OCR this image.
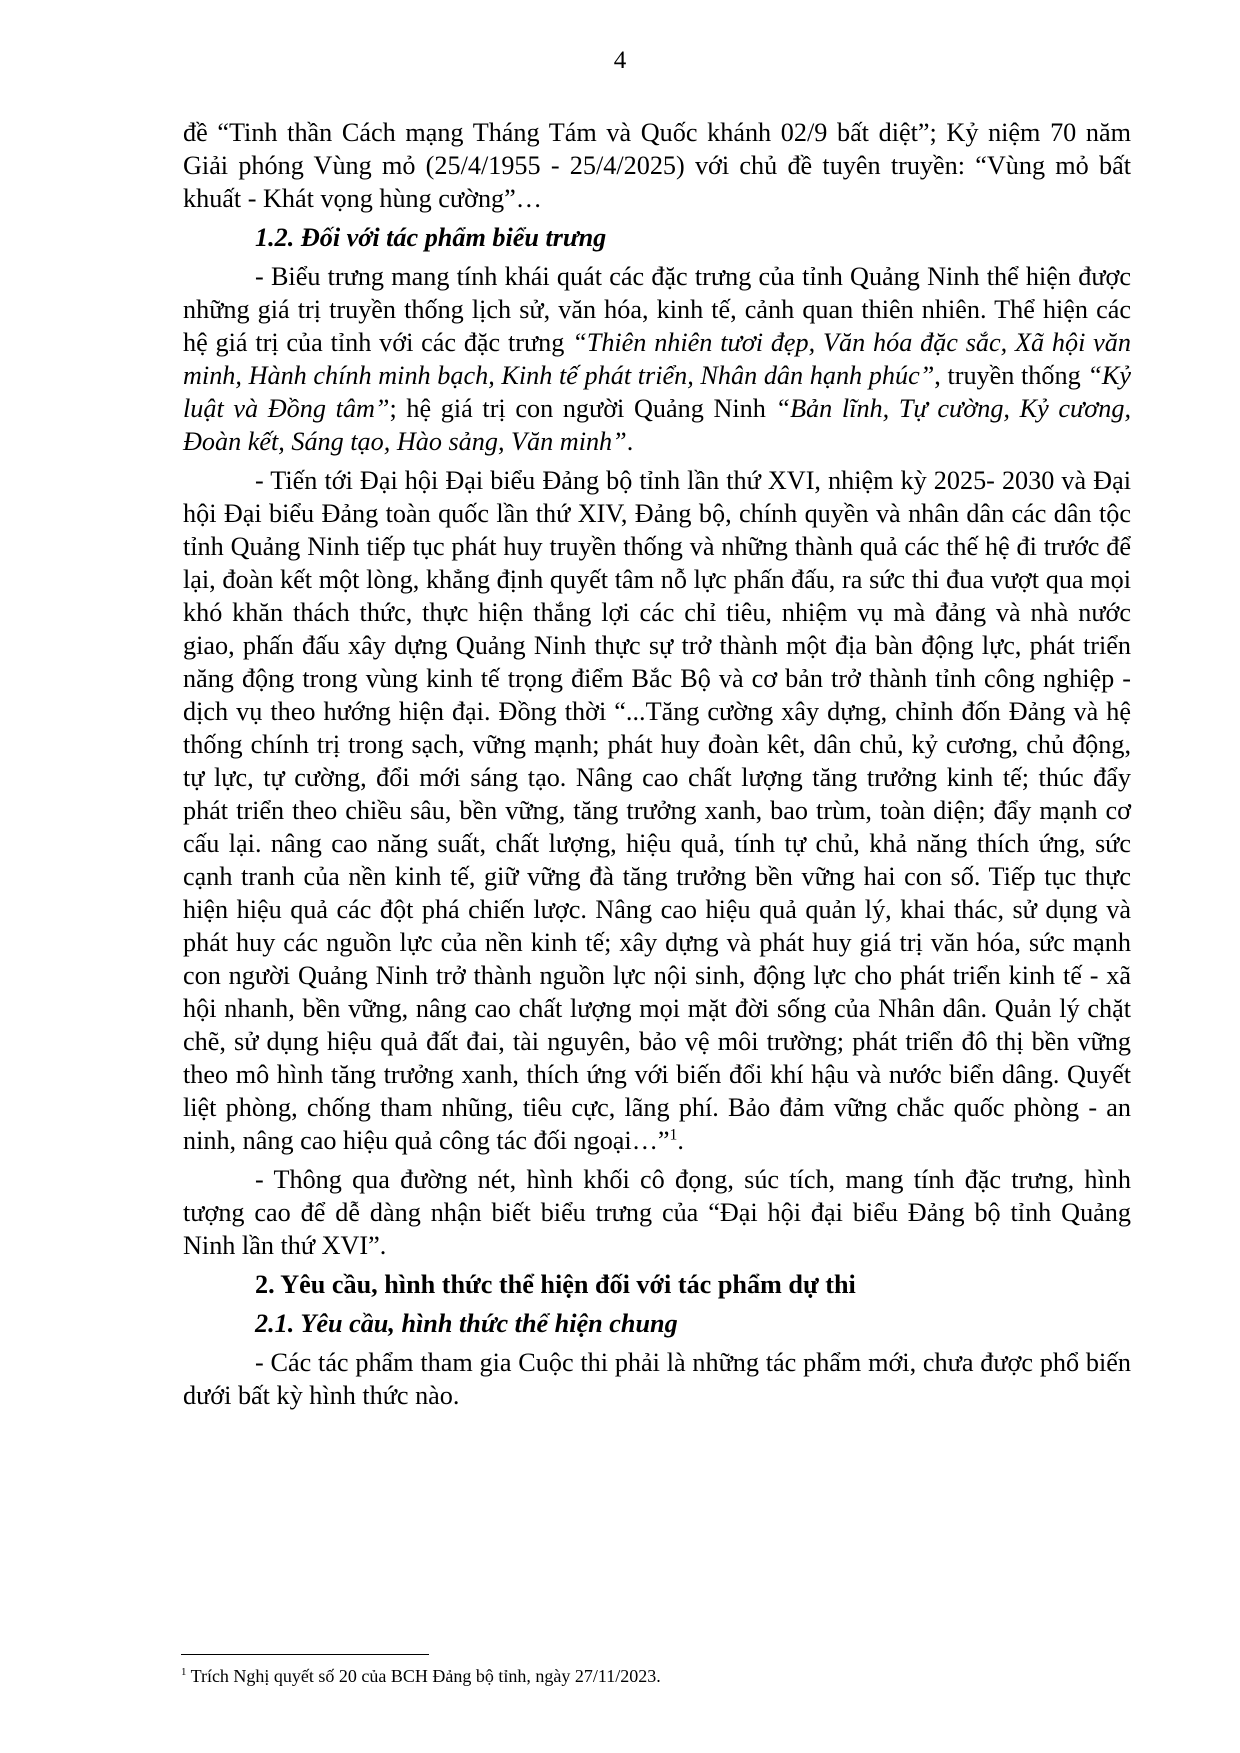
4

đề “Tinh thần Cách mạng Tháng Tám và Quốc khánh 02/9 bất diệt”; Kỷ niệm 70 năm Giải phóng Vùng mỏ (25/4/1955 - 25/4/2025) với chủ đề tuyên truyền: “Vùng mỏ bất khuất - Khát vọng hùng cường”…

1.2. Đối với tác phẩm biểu trưng

- Biểu trưng mang tính khái quát các đặc trưng của tỉnh Quảng Ninh thể hiện được những giá trị truyền thống lịch sử, văn hóa, kinh tế, cảnh quan thiên nhiên. Thể hiện các hệ giá trị của tỉnh với các đặc trưng “Thiên nhiên tươi đẹp, Văn hóa đặc sắc, Xã hội văn minh, Hành chính minh bạch, Kinh tế phát triển, Nhân dân hạnh phúc”, truyền thống “Kỷ luật và Đồng tâm”; hệ giá trị con người Quảng Ninh “Bản lĩnh, Tự cường, Kỷ cương, Đoàn kết, Sáng tạo, Hào sảng, Văn minh”.

- Tiến tới Đại hội Đại biểu Đảng bộ tỉnh lần thứ XVI, nhiệm kỳ 2025- 2030 và Đại hội Đại biểu Đảng toàn quốc lần thứ XIV, Đảng bộ, chính quyền và nhân dân các dân tộc tỉnh Quảng Ninh tiếp tục phát huy truyền thống và những thành quả các thế hệ đi trước để lại, đoàn kết một lòng, khẳng định quyết tâm nỗ lực phấn đấu, ra sức thi đua vượt qua mọi khó khăn thách thức, thực hiện thắng lợi các chỉ tiêu, nhiệm vụ mà đảng và nhà nước giao, phấn đấu xây dựng Quảng Ninh thực sự trở thành một địa bàn động lực, phát triển năng động trong vùng kinh tế trọng điểm Bắc Bộ và cơ bản trở thành tỉnh công nghiệp - dịch vụ theo hướng hiện đại. Đồng thời “...Tăng cường xây dựng, chỉnh đốn Đảng và hệ thống chính trị trong sạch, vững mạnh; phát huy đoàn kêt, dân chủ, kỷ cương, chủ động, tự lực, tự cường, đổi mới sáng tạo. Nâng cao chất lượng tăng trưởng kinh tế; thúc đẩy phát triển theo chiều sâu, bền vững, tăng trưởng xanh, bao trùm, toàn diện; đẩy mạnh cơ cấu lại. nâng cao năng suất, chất lượng, hiệu quả, tính tự chủ, khả năng thích ứng, sức cạnh tranh của nền kinh tế, giữ vững đà tăng trưởng bền vững hai con số. Tiếp tục thực hiện hiệu quả các đột phá chiến lược. Nâng cao hiệu quả quản lý, khai thác, sử dụng và phát huy các nguồn lực của nền kinh tế; xây dựng và phát huy giá trị văn hóa, sức mạnh con người Quảng Ninh trở thành nguồn lực nội sinh, động lực cho phát triển kinh tế - xã hội nhanh, bền vững, nâng cao chất lượng mọi mặt đời sống của Nhân dân. Quản lý chặt chẽ, sử dụng hiệu quả đất đai, tài nguyên, bảo vệ môi trường; phát triển đô thị bền vững theo mô hình tăng trưởng xanh, thích ứng với biến đổi khí hậu và nước biển dâng. Quyết liệt phòng, chống tham nhũng, tiêu cực, lãng phí. Bảo đảm vững chắc quốc phòng - an ninh, nâng cao hiệu quả công tác đối ngoại…”$^1$.

- Thông qua đường nét, hình khối cô đọng, súc tích, mang tính đặc trưng, hình tượng cao để dễ dàng nhận biết biểu trưng của “Đại hội đại biểu Đảng bộ tỉnh Quảng Ninh lần thứ XVI”.

2. Yêu cầu, hình thức thể hiện đối với tác phẩm dự thi

2.1. Yêu cầu, hình thức thể hiện chung

- Các tác phẩm tham gia Cuộc thi phải là những tác phẩm mới, chưa được phổ biến dưới bất kỳ hình thức nào.

$^1$ Trích Nghị quyết số 20 của BCH Đảng bộ tỉnh, ngày 27/11/2023.
